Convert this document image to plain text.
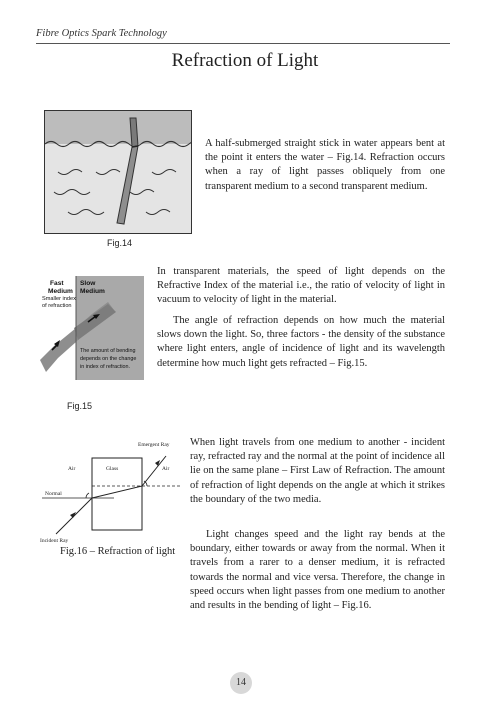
Fibre Optics Spark Technology
Refraction of Light
Fig.14
A half-submerged straight stick in water appears bent at the point it enters the water – Fig.14. Refraction occurs when a ray of light passes obliquely from one transparent medium to a second transparent medium.
Fast Medium
Smaller index of refraction
Slow Medium
The amount of bending depends on the change in index of refraction.
Fig.15
In transparent materials, the speed of light depends on the Refractive Index of the material i.e., the ratio of velocity of light in vacuum to velocity of light in the material.
The angle of refraction depends on how much the material slows down the light. So, three factors - the density of the substance where light enters, angle of incidence of light and its wavelength determine how much light gets refracted – Fig.15.
Emergent Ray Air	Glass	Air Normal Incident Ray
Fig.16 – Refraction of light
When light travels from one medium to another - incident ray, refracted ray and the normal at the point of incidence all lie on the same plane – First Law of Refraction. The amount of refraction of light depends on the angle at which it strikes the boundary of the two media.
Light changes speed and the light ray bends at the boundary, either towards or away from the normal. When it travels from a rarer to a denser medium, it is refracted towards the normal and vice versa. Therefore, the change in speed occurs when light passes from one medium to another and results in the bending of light – Fig.16.
14
